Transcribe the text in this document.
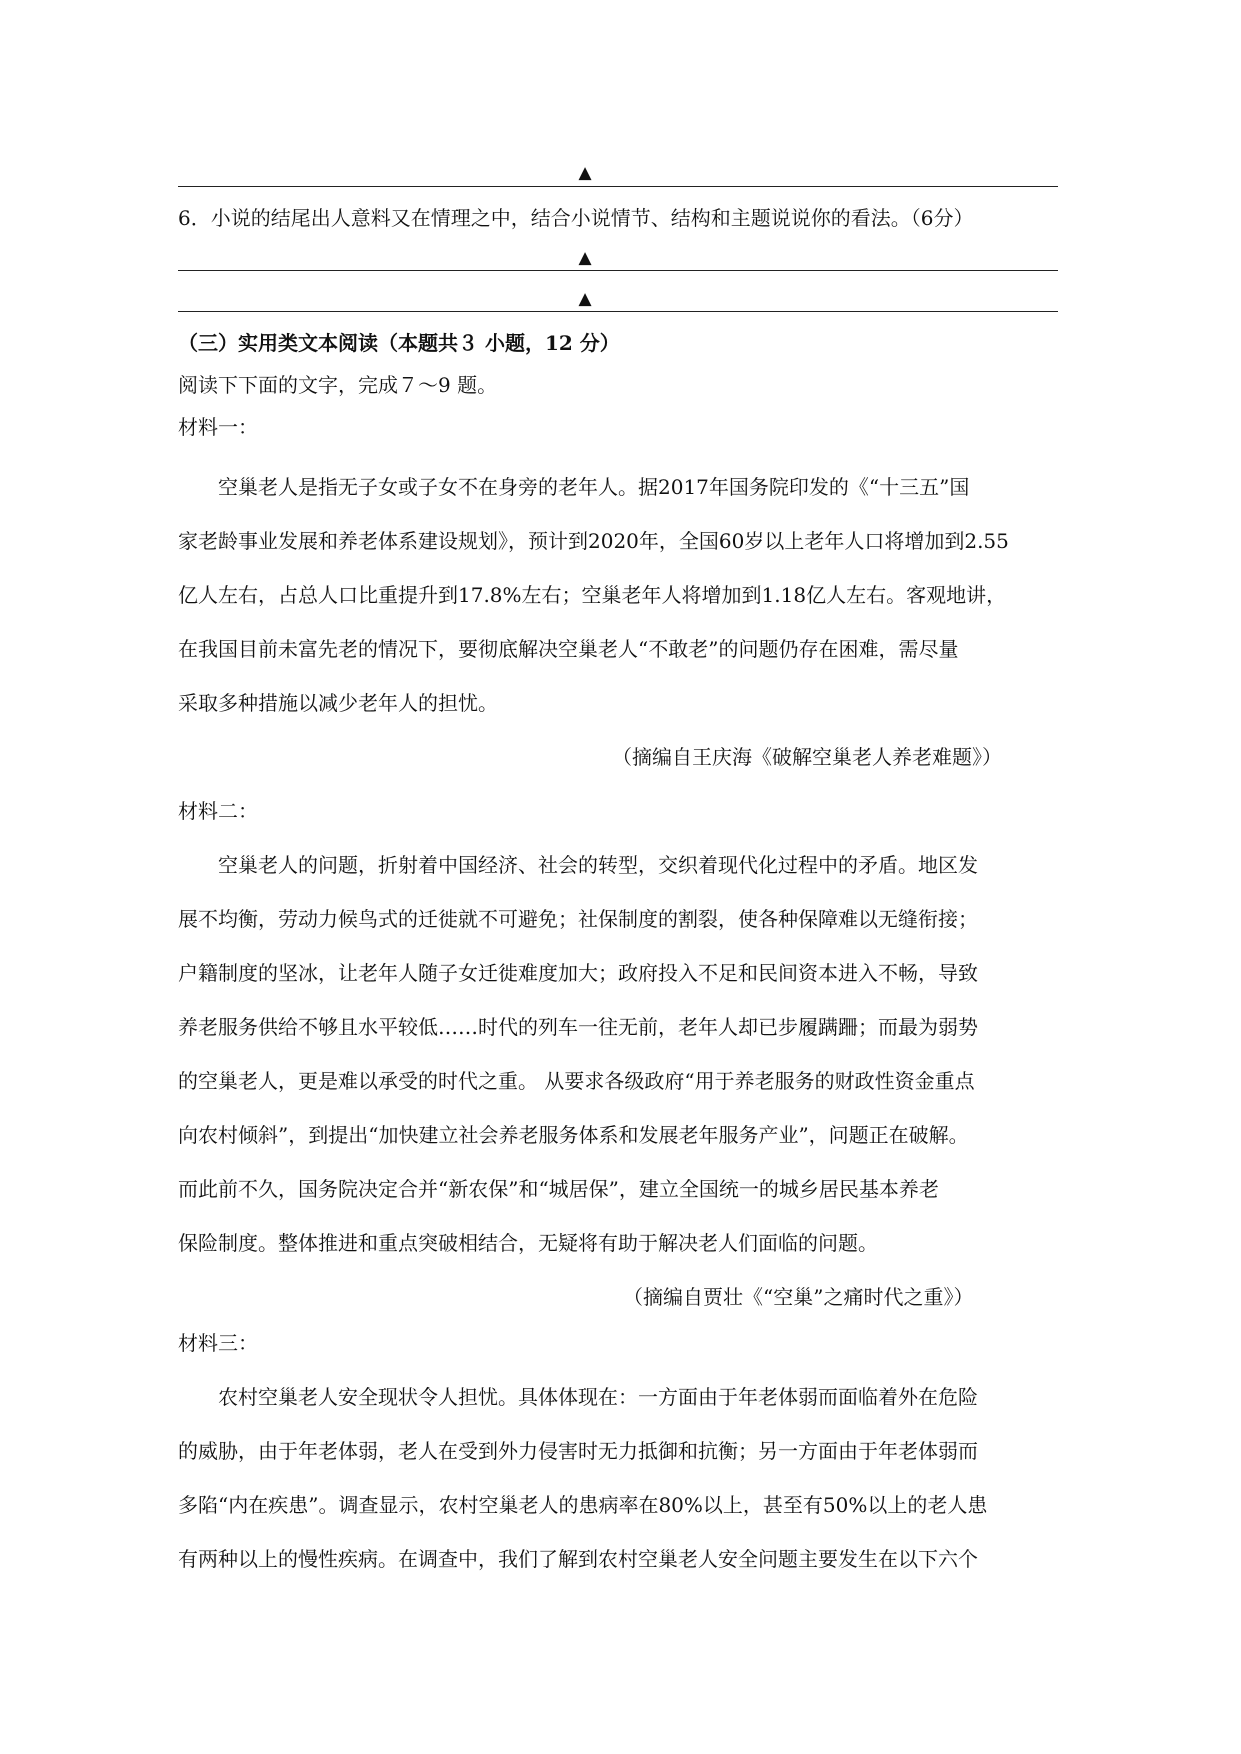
▲
6．小说的结尾出人意料又在情理之中，结合小说情节、结构和主题说说你的看法。（6分）
▲
▲
（三）实用类文本阅读（本题共３ 小题，12 分）
阅读下下面的文字，完成７～9 题。
材料一：
　　空巢老人是指无子女或子女不在身旁的老年人。据2017年国务院印发的《“十三五”国
家老龄事业发展和养老体系建设规划》，预计到2020年，全国60岁以上老年人口将增加到2.55
亿人左右，占总人口比重提升到17.8%左右；空巢老年人将增加到1.18亿人左右。客观地讲，
在我国目前未富先老的情况下，要彻底解决空巢老人“不敢老”的问题仍存在困难，需尽量
采取多种措施以减少老年人的担忧。
（摘编自王庆海《破解空巢老人养老难题》）
材料二：
　　空巢老人的问题，折射着中国经济、社会的转型，交织着现代化过程中的矛盾。地区发
展不均衡，劳动力候鸟式的迁徙就不可避免；社保制度的割裂，使各种保障难以无缝衔接；
户籍制度的坚冰，让老年人随子女迁徙难度加大；政府投入不足和民间资本进入不畅，导致
养老服务供给不够且水平较低……时代的列车一往无前，老年人却已步履蹒跚；而最为弱势
的空巢老人，更是难以承受的时代之重。 从要求各级政府“用于养老服务的财政性资金重点
向农村倾斜”，到提出“加快建立社会养老服务体系和发展老年服务产业”，问题正在破解。
而此前不久，国务院决定合并“新农保”和“城居保”，建立全国统一的城乡居民基本养老
保险制度。整体推进和重点突破相结合，无疑将有助于解决老人们面临的问题。
（摘编自贾壮《“空巢”之痛时代之重》）
材料三：
　　农村空巢老人安全现状令人担忧。具体体现在：一方面由于年老体弱而面临着外在危险
的威胁，由于年老体弱，老人在受到外力侵害时无力抵御和抗衡；另一方面由于年老体弱而
多陷“内在疾患”。调查显示，农村空巢老人的患病率在80%以上，甚至有50%以上的老人患
有两种以上的慢性疾病。在调查中，我们了解到农村空巢老人安全问题主要发生在以下六个
